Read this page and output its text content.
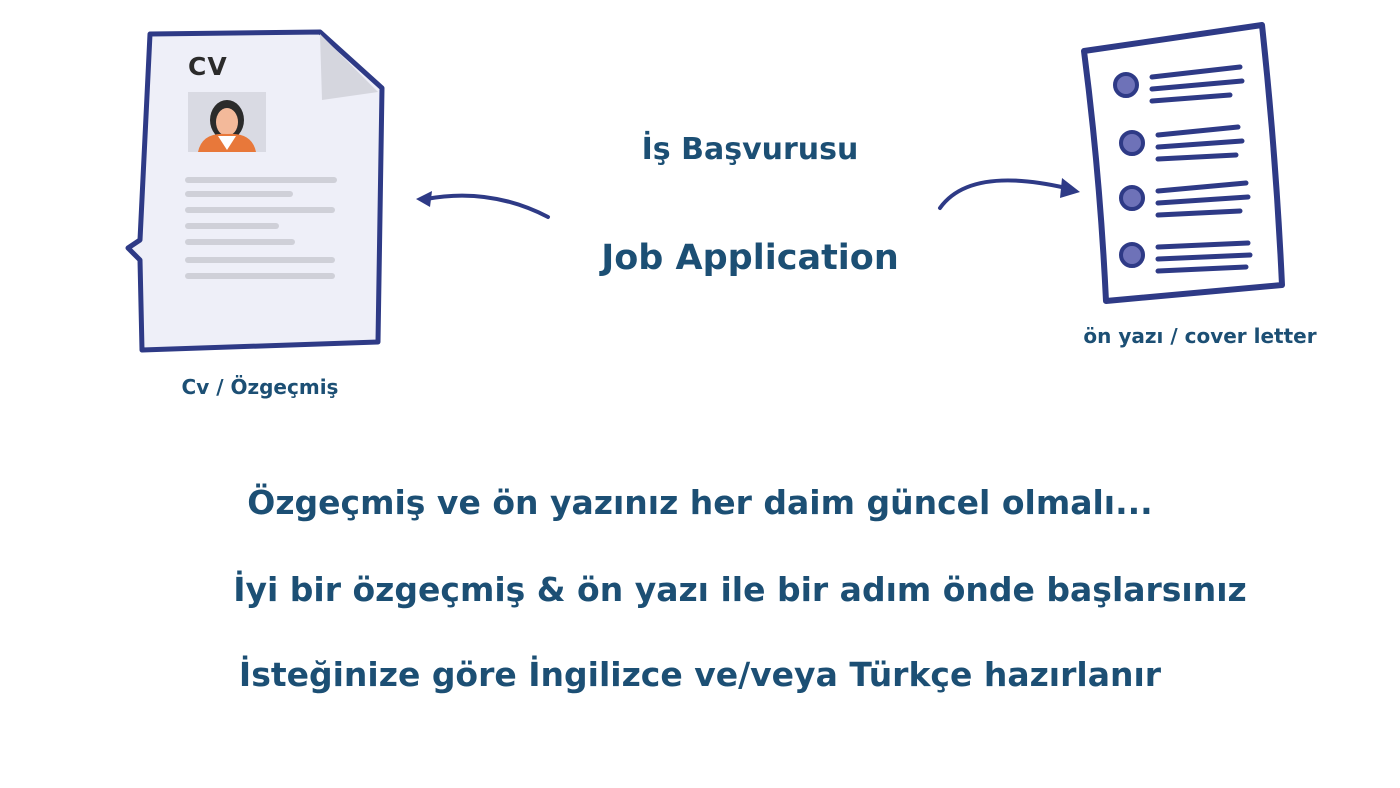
CV
Cv / Özgeçmiş
İş Başvurusu
Job Application
ön yazı / cover letter
Özgeçmiş ve ön yazınız her daim güncel olmalı...
İyi bir özgeçmiş & ön yazı ile bir adım önde başlarsınız
İsteğinize göre İngilizce ve/veya Türkçe hazırlanır
